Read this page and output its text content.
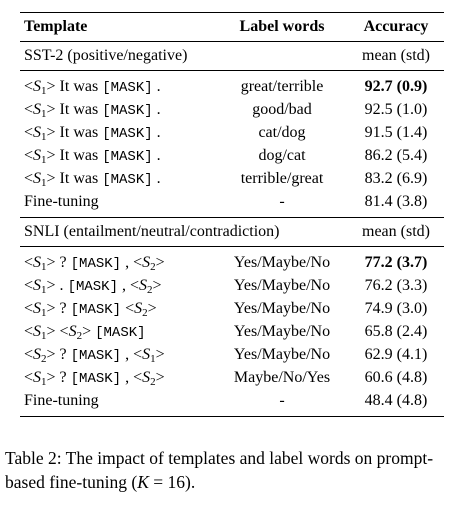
Template	Label words	Accuracy
SST-2 (positive/negative)	mean (std)
$<S_1> It$ was [MASK] .	great/terrible	92.7 (0.9)
$<S_1> It$ was [MASK] .	good/bad	92.5 (1.0)
$<S_1> It$ was [MASK] .	cat/dog	91.5 (1.4)
$<S_1> It$ was [MASK] .	dog/cat	86.2 (5.4)
$<S_1> It$ was [MASK] .	terrible/great	83.2 (6.9)
Fine-tuning	-	81.4 (3.8)
SNLI (entailment/neutral/contradiction)	mean (std)
$<S_1>$ ? [MASK] , $<S_2>$	Yes/Maybe/No	77.2 (3.7)
$<S_1>$ . [MASK] , $<S_2>$	Yes/Maybe/No	76.2 (3.3)
$<S_1>$ ? [MASK] $<S_2>$	Yes/Maybe/No	74.9 (3.0)
$<S_1> <S_2>$ [MASK]	Yes/Maybe/No	65.8 (2.4)
$<S_2>$ ? [MASK] , $<S_1>$	Yes/Maybe/No	62.9 (4.1)
$<S_1>$ ? [MASK] , $<S_2>$	Maybe/No/Yes	60.6 (4.8)
Fine-tuning	-	48.4 (4.8)
Table 2: The impact of templates and label words on prompt-based fine-tuning (K = 16).
